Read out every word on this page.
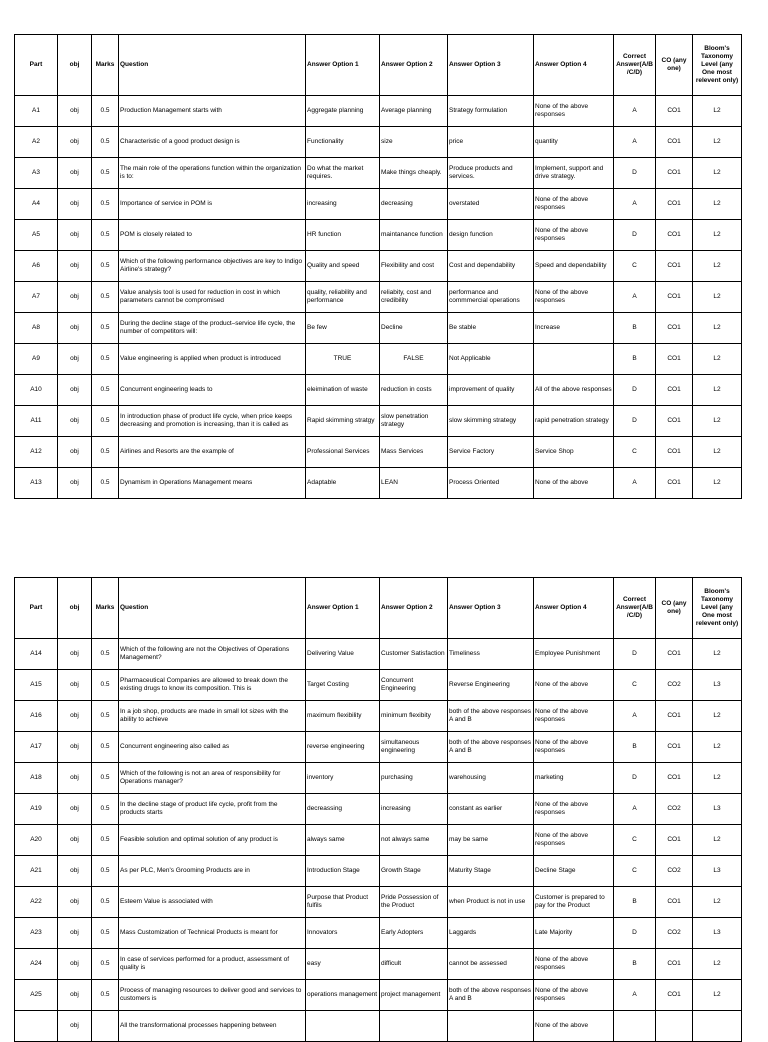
Part	obj	Marks	Question	Answer Option 1	Answer Option 2	Answer Option 3	Answer Option 4	Correct Answer(A/B /C/D)	CO (any one)	Bloom's Taxonomy Level (any One most relevent only)
A1	obj	0.5	Production Management starts with	Aggregate planning	Average planning	Strategy formulation	None of the above responses	A	CO1	L2
A2	obj	0.5	Characteristic of a good product design is	Functionality	size	price	quantity	A	CO1	L2
A3	obj	0.5	The main role of the operations function within the organization is to:	Do what the market requires.	Make things cheaply.	Produce products and services.	Implement, support and drive strategy.	D	CO1	L2
A4	obj	0.5	Importance of service in POM is	increasing	decreasing	overstated	None of the above responses	A	CO1	L2
A5	obj	0.5	POM is closely related to	HR function	maintanance function	design function	None of the above responses	D	CO1	L2
A6	obj	0.5	Which of the following performance objectives are key to Indigo Airline's strategy?	Quality and speed	Flexibility and cost	Cost and dependability	Speed and dependability	C	CO1	L2
A7	obj	0.5	Value analysis tool is used for reduction in cost in which parameters cannot be compromised	quality, reliability and performance	reliabity, cost and credibility	performance and commmercial operations	None of the above responses	A	CO1	L2
A8	obj	0.5	During the decline stage of the product–service life cycle, the number of competitors will:	Be few	Decline	Be stable	Increase	B	CO1	L2
A9	obj	0.5	Value engineering is applied when product is introduced	TRUE	FALSE	Not Applicable		B	CO1	L2
A10	obj	0.5	Concurrent engineering leads to	eleimination of waste	reduction in costs	improvement of quality	All of the above responses	D	CO1	L2
A11	obj	0.5	In introduction phase of product life cycle, when price keeps decreasing and promotion is increasing, than it is called as	Rapid skimming stratgy	slow penetration strategy	slow skimming strategy	rapid penetration strategy	D	CO1	L2
A12	obj	0.5	Airlines and Resorts are the example of	Professional Services	Mass Services	Service Factory	Service Shop	C	CO1	L2
A13	obj	0.5	Dynamism in Operations Management means	Adaptable	LEAN	Process Oriented	None of the above	A	CO1	L2
Part	obj	Marks	Question	Answer Option 1	Answer Option 2	Answer Option 3	Answer Option 4	Correct Answer(A/B /C/D)	CO (any one)	Bloom's Taxonomy Level (any One most relevent only)
A14	obj	0.5	Which of the following are not the Objectives of Operations Management?	Delivering Value	Customer Satisfaction	Timeliness	Employee Punishment	D	CO1	L2
A15	obj	0.5	Pharmaceutical Companies are allowed to break down the existing drugs to know its composition. This is	Target Costing	Concurrent Engineering	Reverse Engineering	None of the above	C	CO2	L3
A16	obj	0.5	In a job shop, products are made in small lot sizes with the ability to achieve	maximum flexibility	minimum flexibity	both of the above responses A and B	None of the above responses	A	CO1	L2
A17	obj	0.5	Concurrent engineering also called as	reverse engineering	simultaneous engineering	both of the above responses A and B	None of the above responses	B	CO1	L2
A18	obj	0.5	Which of the following is not an area of responsibility for Operations manager?	inventory	purchasing	warehousing	marketing	D	CO1	L2
A19	obj	0.5	In the decline stage of product life cycle, profit from the products starts	decreassing	increasing	constant as earlier	None of the above responses	A	CO2	L3
A20	obj	0.5	Feasible solution and optimal solution of any product is	always same	not always same	may be same	None of the above responses	C	CO1	L2
A21	obj	0.5	As per PLC, Men's Grooming Products are in	Introduction Stage	Growth Stage	Maturity Stage	Decline Stage	C	CO2	L3
A22	obj	0.5	Esteem Value is associated with	Purpose that Product fulfils	Pride Possession of the Product	when Product is not in use	Customer is prepared to pay for the Product	B	CO1	L2
A23	obj	0.5	Mass Customization of Technical Products is meant for	Innovators	Early Adopters	Laggards	Late Majority	D	CO2	L3
A24	obj	0.5	In case of services performed for a product, assessment of quality is	easy	difficult	cannot be assessed	None of the above responses	B	CO1	L2
A25	obj	0.5	Process of managing resources to deliver good and services to customers is	operations management	project management	both of the above responses A and B	None of the above responses	A	CO1	L2
	obj		All the transformational processes happening between				None of the above			
